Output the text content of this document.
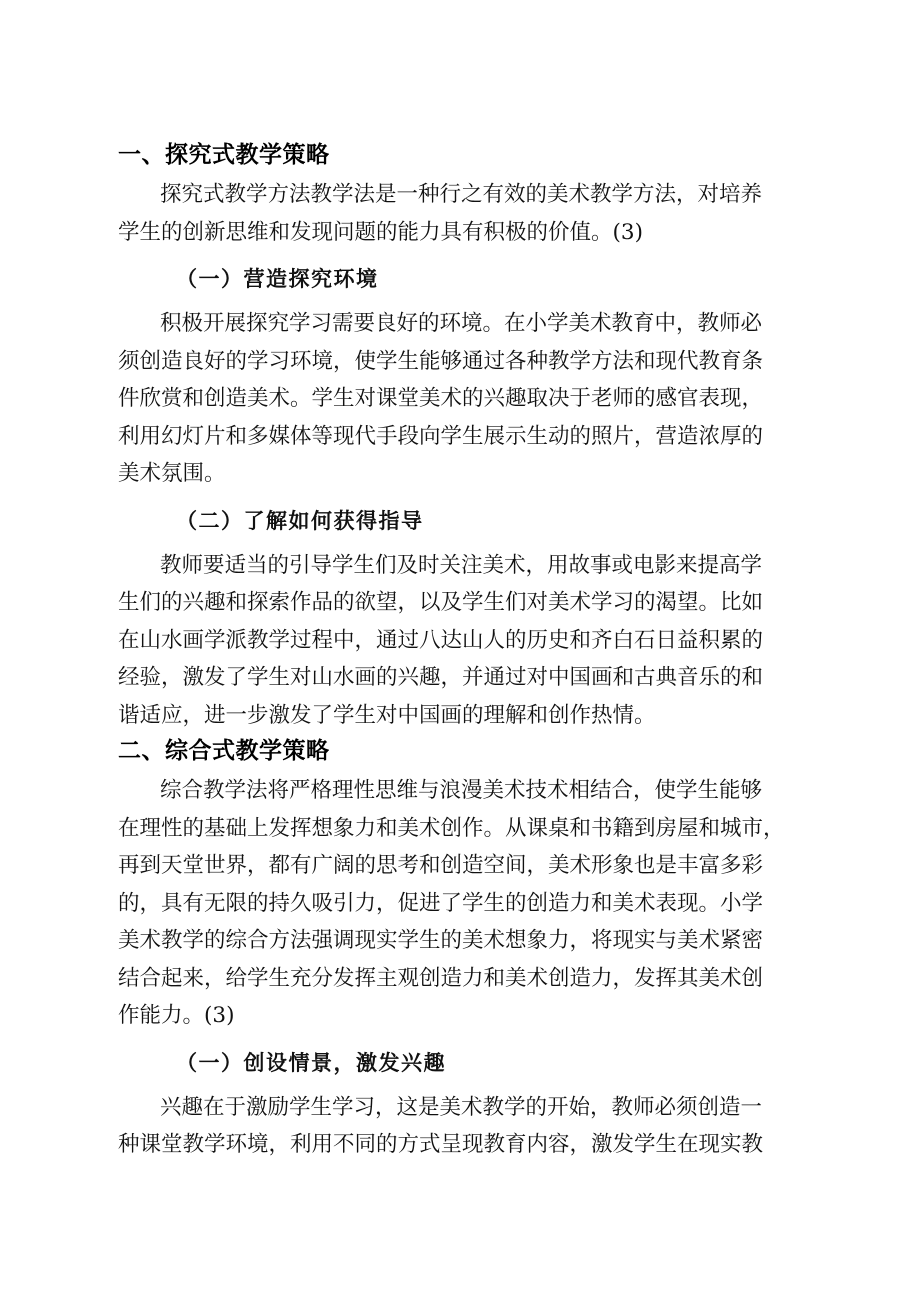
一、探究式教学策略

探究式教学方法教学法是一种行之有效的美术教学方法，对培养
学生的创新思维和发现问题的能力具有积极的价值。(3)

（一）营造探究环境

积极开展探究学习需要良好的环境。在小学美术教育中，教师必
须创造良好的学习环境，使学生能够通过各种教学方法和现代教育条
件欣赏和创造美术。学生对课堂美术的兴趣取决于老师的感官表现，
利用幻灯片和多媒体等现代手段向学生展示生动的照片，营造浓厚的
美术氛围。

（二）了解如何获得指导

教师要适当的引导学生们及时关注美术，用故事或电影来提高学
生们的兴趣和探索作品的欲望，以及学生们对美术学习的渴望。比如
在山水画学派教学过程中，通过八达山人的历史和齐白石日益积累的
经验，激发了学生对山水画的兴趣，并通过对中国画和古典音乐的和
谐适应，进一步激发了学生对中国画的理解和创作热情。

二、综合式教学策略

综合教学法将严格理性思维与浪漫美术技术相结合，使学生能够
在理性的基础上发挥想象力和美术创作。从课桌和书籍到房屋和城市，
再到天堂世界，都有广阔的思考和创造空间，美术形象也是丰富多彩
的，具有无限的持久吸引力，促进了学生的创造力和美术表现。小学
美术教学的综合方法强调现实学生的美术想象力，将现实与美术紧密
结合起来，给学生充分发挥主观创造力和美术创造力，发挥其美术创
作能力。(3)

（一）创设情景，激发兴趣

兴趣在于激励学生学习，这是美术教学的开始，教师必须创造一
种课堂教学环境，利用不同的方式呈现教育内容，激发学生在现实教
